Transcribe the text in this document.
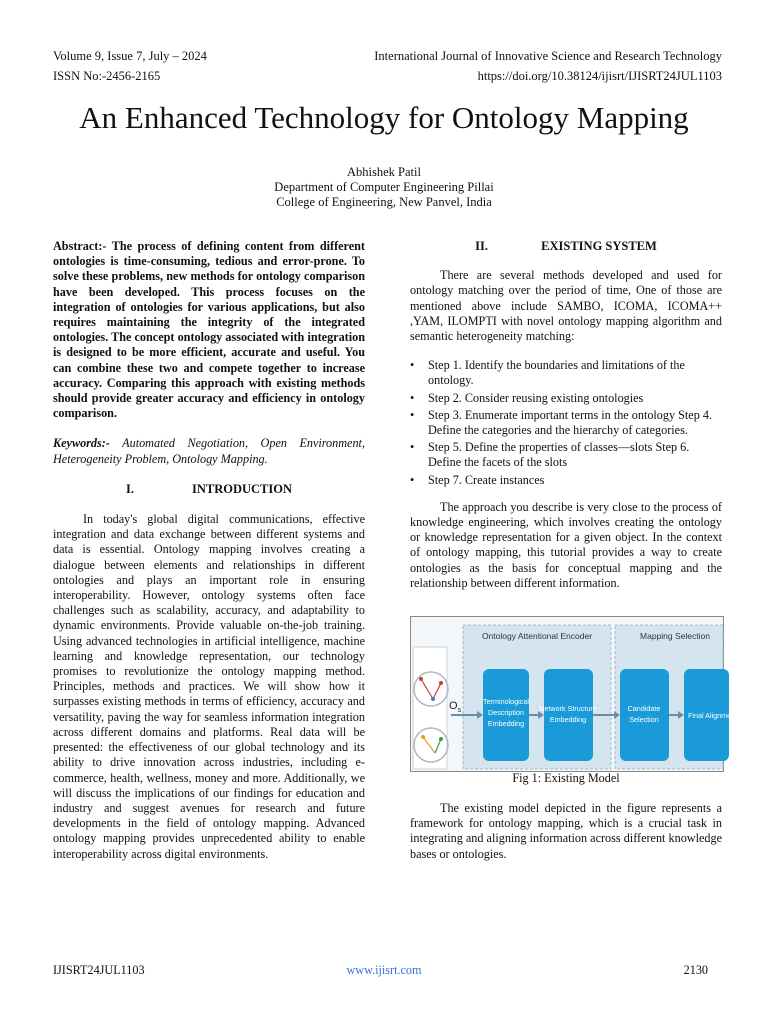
Volume 9, Issue 7, July – 2024
ISSN No:-2456-2165
International Journal of Innovative Science and Research Technology
https://doi.org/10.38124/ijisrt/IJISRT24JUL1103
An Enhanced Technology for Ontology Mapping
Abhishek Patil
Department of Computer Engineering Pillai
College of Engineering, New Panvel, India

Abstract:- The process of defining content from different ontologies is time-consuming, tedious and error-prone. To solve these problems, new methods for ontology comparison have been developed. This process focuses on the integration of ontologies for various applications, but also requires maintaining the integrity of the integrated ontologies. The concept ontology associated with integration is designed to be more efficient, accurate and useful. You can combine these two and compete together to increase accuracy. Comparing this approach with existing methods should provide greater accuracy and efficiency in ontology comparison.

Keywords:- Automated Negotiation, Open Environment, Heterogeneity Problem, Ontology Mapping.

I.	INTRODUCTION

In today's global digital communications, effective integration and data exchange between different systems and data is essential. Ontology mapping involves creating a dialogue between elements and relationships in different ontologies and plays an important role in ensuring interoperability. However, ontology systems often face challenges such as scalability, accuracy, and adaptability to dynamic environments. Provide valuable on-the-job training. Using advanced technologies in artificial intelligence, machine learning and knowledge representation, our technology promises to revolutionize the ontology mapping method. Principles, methods and practices. We will show how it surpasses existing methods in terms of efficiency, accuracy and versatility, paving the way for seamless information integration across different domains and platforms. Real data will be presented: the effectiveness of our global technology and its ability to drive innovation across industries, including e-commerce, health, wellness, money and more. Additionally, we will discuss the implications of our findings for education and industry and suggest avenues for research and future developments in the field of ontology mapping. Advanced ontology mapping provides unprecedented ability to enable interoperability across digital environments.

II.	EXISTING SYSTEM

There are several methods developed and used for ontology matching over the period of time, One of those are mentioned above include SAMBO, ICOMA, ICOMA++ ,YAM, ILOMPTI with novel ontology mapping algorithm and semantic heterogeneity matching:

• Step 1. Identify the boundaries and limitations of the ontology.
• Step 2. Consider reusing existing ontologies
• Step 3. Enumerate important terms in the ontology Step 4. Define the categories and the hierarchy of categories.
• Step 5. Define the properties of classes—slots Step 6. Define the facets of the slots
• Step 7. Create instances

The approach you describe is very close to the process of knowledge engineering, which involves creating the ontology or knowledge representation for a given object. In the context of ontology mapping, this tutorial provides a way to create ontologies as the basis for conceptual mapping and the relationship between different information.

$O_s$
Ontology Attentional Encoder	Mapping Selection
Terminological Description Embedding
Network Structure Embedding
Candidate Selection	Final Alignment
Fig 1: Existing Model

The existing model depicted in the figure represents a framework for ontology mapping, which is a crucial task in integrating and aligning information across different knowledge bases or ontologies.

IJISRT24JUL1103	www.ijisrt.com	2130
